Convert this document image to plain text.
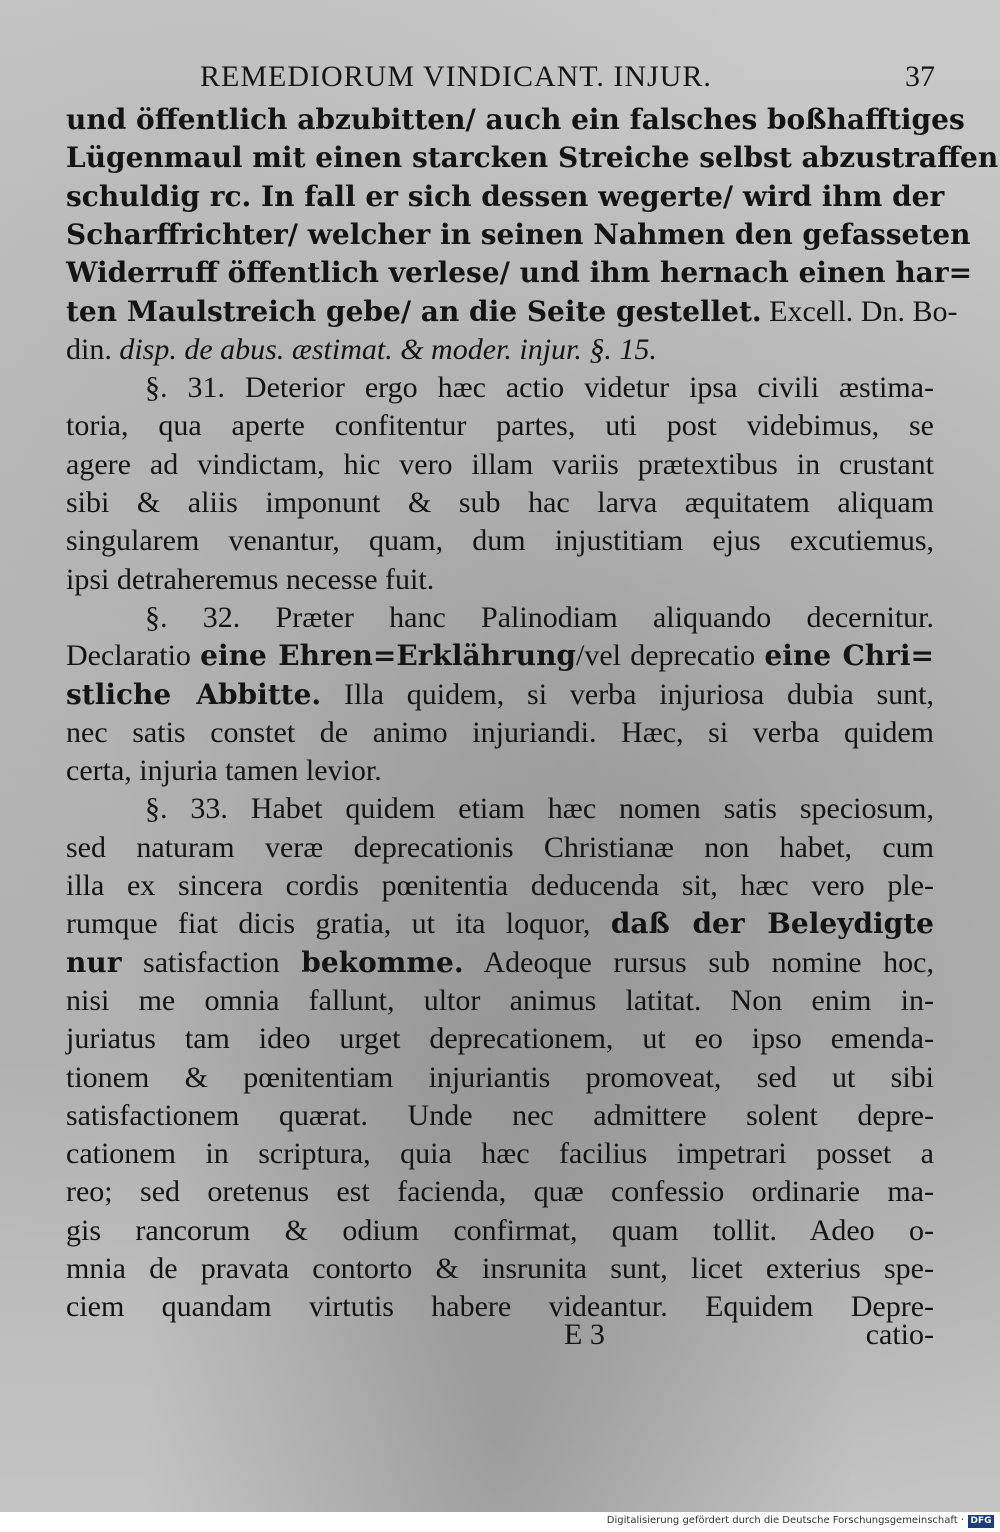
REMEDIORUM VINDICANT. INJUR.	37
und öffentlich abzubitten/ auch ein falsches boßhafftiges
Lügenmaul mit einen starcken Streiche selbst abzustraffen
schuldig rc. In fall er sich dessen wegerte/ wird ihm der
Scharffrichter/ welcher in seinen Nahmen den gefasseten
Widerruff öffentlich verlese/ und ihm hernach einen har=
ten Maulstreich gebe/ an die Seite gestellet. Excell. Dn. Bo-
din. disp. de abus. æstimat. & moder. injur. §. 15.
§. 31. Deterior ergo hæc actio videtur ipsa civili æstima-
toria, qua aperte confitentur partes, uti post videbimus, se
agere ad vindictam, hic vero illam variis prætextibus in crustant
sibi & aliis imponunt & sub hac larva æquitatem aliquam
singularem venantur, quam, dum injustitiam ejus excutiemus,
ipsi detraheremus necesse fuit.
§. 32. Præter hanc Palinodiam aliquando decernitur.
Declaratio eine Ehren=Erklährung/vel deprecatio eine Chri=
stliche Abbitte. Illa quidem, si verba injuriosa dubia sunt,
nec satis constet de animo injuriandi. Hæc, si verba quidem
certa, injuria tamen levior.
§. 33. Habet quidem etiam hæc nomen satis speciosum,
sed naturam veræ deprecationis Christianæ non habet, cum
illa ex sincera cordis pœnitentia deducenda sit, hæc vero ple-
rumque fiat dicis gratia, ut ita loquor, daß der Beleydigte
nur satisfaction bekomme. Adeoque rursus sub nomine hoc,
nisi me omnia fallunt, ultor animus latitat. Non enim in-
juriatus tam ideo urget deprecationem, ut eo ipso emenda-
tionem & pœnitentiam injuriantis promoveat, sed ut sibi
satisfactionem quærat. Unde nec admittere solent depre-
cationem in scriptura, quia hæc facilius impetrari posset a
reo; sed oretenus est facienda, quæ confessio ordinarie ma-
gis rancorum & odium confirmat, quam tollit. Adeo o-
mnia de pravata contorto & insrunita sunt, licet exterius spe-
ciem quandam virtutis habere videantur. Equidem Depre-
E 3	catio-
Digitalisierung gefördert durch die Deutsche Forschungsgemeinschaft · DFG
